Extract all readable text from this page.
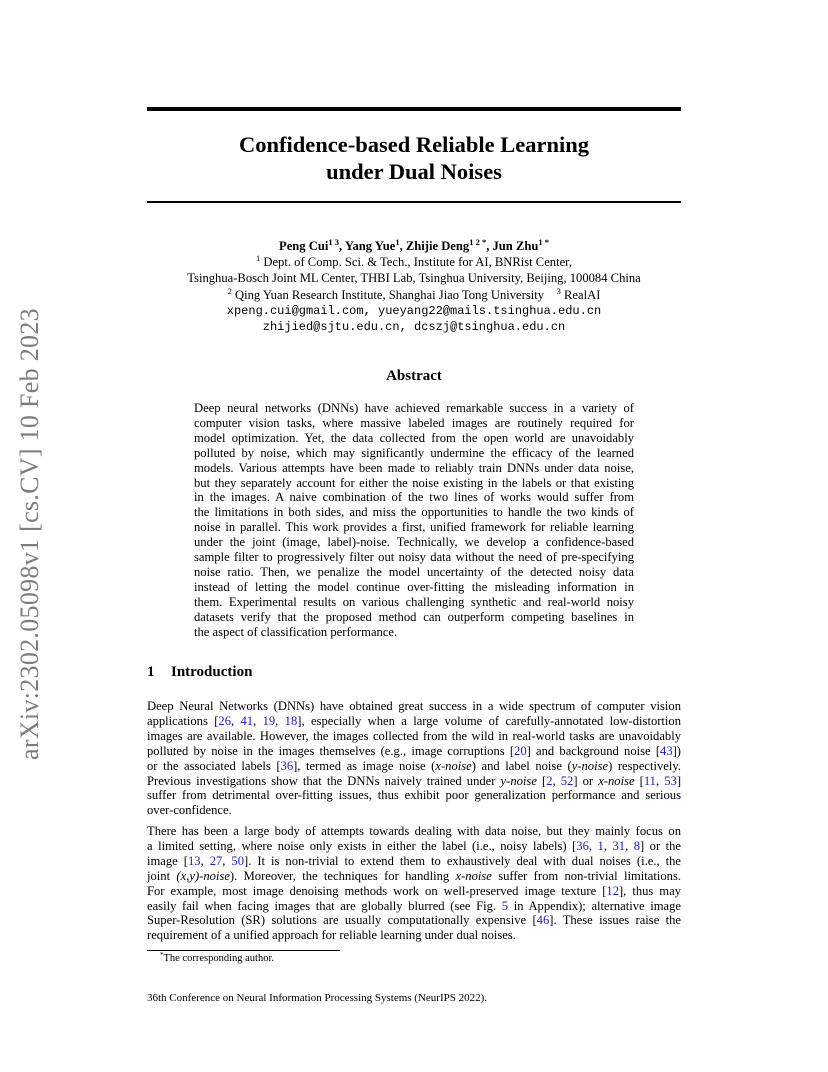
arXiv:2302.05098v1 [cs.CV] 10 Feb 2023
Confidence-based Reliable Learning
under Dual Noises
Peng Cui$^{1 3}$, Yang Yue$^1$, Zhijie Deng$^{1 2 *}$, Jun Zhu$^{1 *}$
$^1$ Dept. of Comp. Sci. & Tech., Institute for AI, BNRist Center,
Tsinghua-Bosch Joint ML Center, THBI Lab, Tsinghua University, Beijing, 100084 China
$^2$ Qing Yuan Research Institute, Shanghai Jiao Tong University $^3$ RealAI
xpeng.cui@gmail.com, yueyang22@mails.tsinghua.edu.cn
zhijied@sjtu.edu.cn, dcszj@tsinghua.edu.cn
Abstract
Deep neural networks (DNNs) have achieved remarkable success in a variety of
computer vision tasks, where massive labeled images are routinely required for
model optimization. Yet, the data collected from the open world are unavoidably
polluted by noise, which may significantly undermine the efficacy of the learned
models. Various attempts have been made to reliably train DNNs under data noise,
but they separately account for either the noise existing in the labels or that existing
in the images. A naive combination of the two lines of works would suffer from
the limitations in both sides, and miss the opportunities to handle the two kinds of
noise in parallel. This work provides a first, unified framework for reliable learning
under the joint (image, label)-noise. Technically, we develop a confidence-based
sample filter to progressively filter out noisy data without the need of pre-specifying
noise ratio. Then, we penalize the model uncertainty of the detected noisy data
instead of letting the model continue over-fitting the misleading information in
them. Experimental results on various challenging synthetic and real-world noisy
datasets verify that the proposed method can outperform competing baselines in
the aspect of classification performance.
1 Introduction
Deep Neural Networks (DNNs) have obtained great success in a wide spectrum of computer vision
applications [26, 41, 19, 18], especially when a large volume of carefully-annotated low-distortion
images are available. However, the images collected from the wild in real-world tasks are unavoidably
polluted by noise in the images themselves (e.g., image corruptions [20] and background noise [43])
or the associated labels [36], termed as image noise (x-noise) and label noise (y-noise) respectively.
Previous investigations show that the DNNs naively trained under y-noise [2, 52] or x-noise [11, 53]
suffer from detrimental over-fitting issues, thus exhibit poor generalization performance and serious
over-confidence.
There has been a large body of attempts towards dealing with data noise, but they mainly focus on
a limited setting, where noise only exists in either the label (i.e., noisy labels) [36, 1, 31, 8] or the
image [13, 27, 50]. It is non-trivial to extend them to exhaustively deal with dual noises (i.e., the
joint (x,y)-noise). Moreover, the techniques for handling x-noise suffer from non-trivial limitations.
For example, most image denoising methods work on well-preserved image texture [12], thus may
easily fail when facing images that are globally blurred (see Fig. 5 in Appendix); alternative image
Super-Resolution (SR) solutions are usually computationally expensive [46]. These issues raise the
requirement of a unified approach for reliable learning under dual noises.
*The corresponding author.
36th Conference on Neural Information Processing Systems (NeurIPS 2022).
